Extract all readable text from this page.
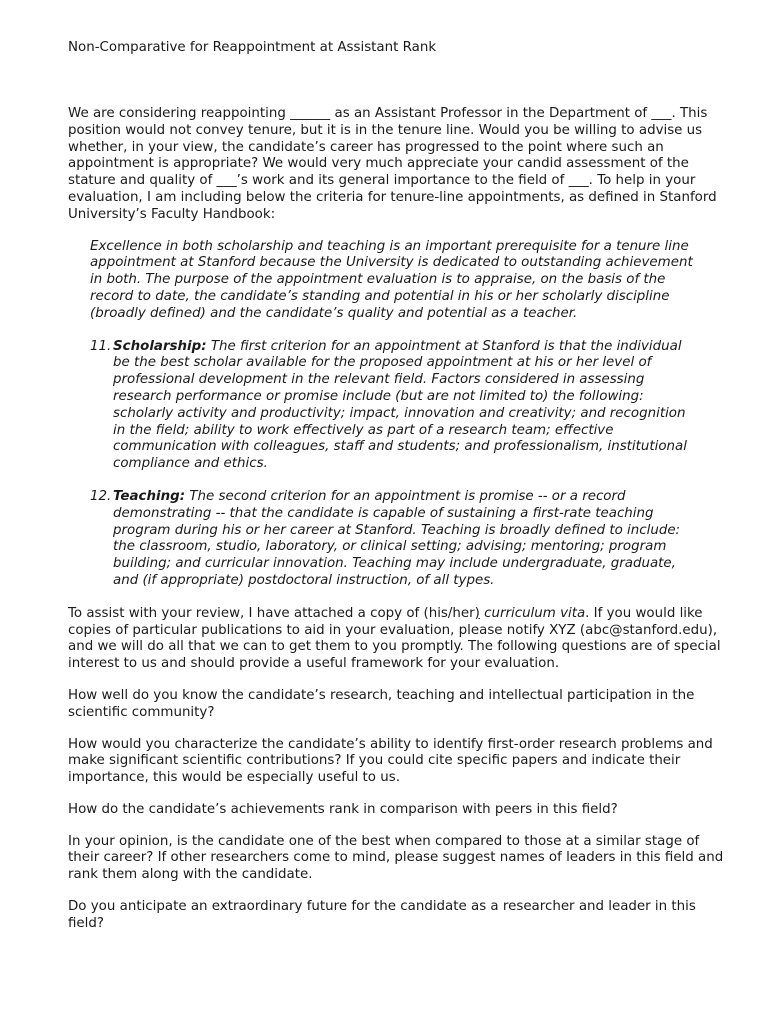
Non-Comparative for Reappointment at Assistant Rank

We are considering reappointing ______ as an Assistant Professor in the Department of ___. This position would not convey tenure, but it is in the tenure line. Would you be willing to advise us whether, in your view, the candidate’s career has progressed to the point where such an appointment is appropriate? We would very much appreciate your candid assessment of the stature and quality of ___’s work and its general importance to the field of ___. To help in your evaluation, I am including below the criteria for tenure-line appointments, as defined in Stanford University’s Faculty Handbook:

Excellence in both scholarship and teaching is an important prerequisite for a tenure line appointment at Stanford because the University is dedicated to outstanding achievement in both. The purpose of the appointment evaluation is to appraise, on the basis of the record to date, the candidate’s standing and potential in his or her scholarly discipline (broadly defined) and the candidate’s quality and potential as a teacher.

11. Scholarship: The first criterion for an appointment at Stanford is that the individual be the best scholar available for the proposed appointment at his or her level of professional development in the relevant field. Factors considered in assessing research performance or promise include (but are not limited to) the following: scholarly activity and productivity; impact, innovation and creativity; and recognition in the field; ability to work effectively as part of a research team; effective communication with colleagues, staff and students; and professionalism, institutional compliance and ethics.
12. Teaching: The second criterion for an appointment is promise -- or a record demonstrating -- that the candidate is capable of sustaining a first-rate teaching program during his or her career at Stanford. Teaching is broadly defined to include: the classroom, studio, laboratory, or clinical setting; advising; mentoring; program building; and curricular innovation. Teaching may include undergraduate, graduate, and (if appropriate) postdoctoral instruction, of all types.

To assist with your review, I have attached a copy of (his/her) curriculum vita. If you would like copies of particular publications to aid in your evaluation, please notify XYZ (abc@stanford.edu), and we will do all that we can to get them to you promptly. The following questions are of special interest to us and should provide a useful framework for your evaluation.

How well do you know the candidate’s research, teaching and intellectual participation in the scientific community?

How would you characterize the candidate’s ability to identify first-order research problems and make significant scientific contributions? If you could cite specific papers and indicate their importance, this would be especially useful to us.

How do the candidate’s achievements rank in comparison with peers in this field?

In your opinion, is the candidate one of the best when compared to those at a similar stage of their career? If other researchers come to mind, please suggest names of leaders in this field and rank them along with the candidate.

Do you anticipate an extraordinary future for the candidate as a researcher and leader in this field?
